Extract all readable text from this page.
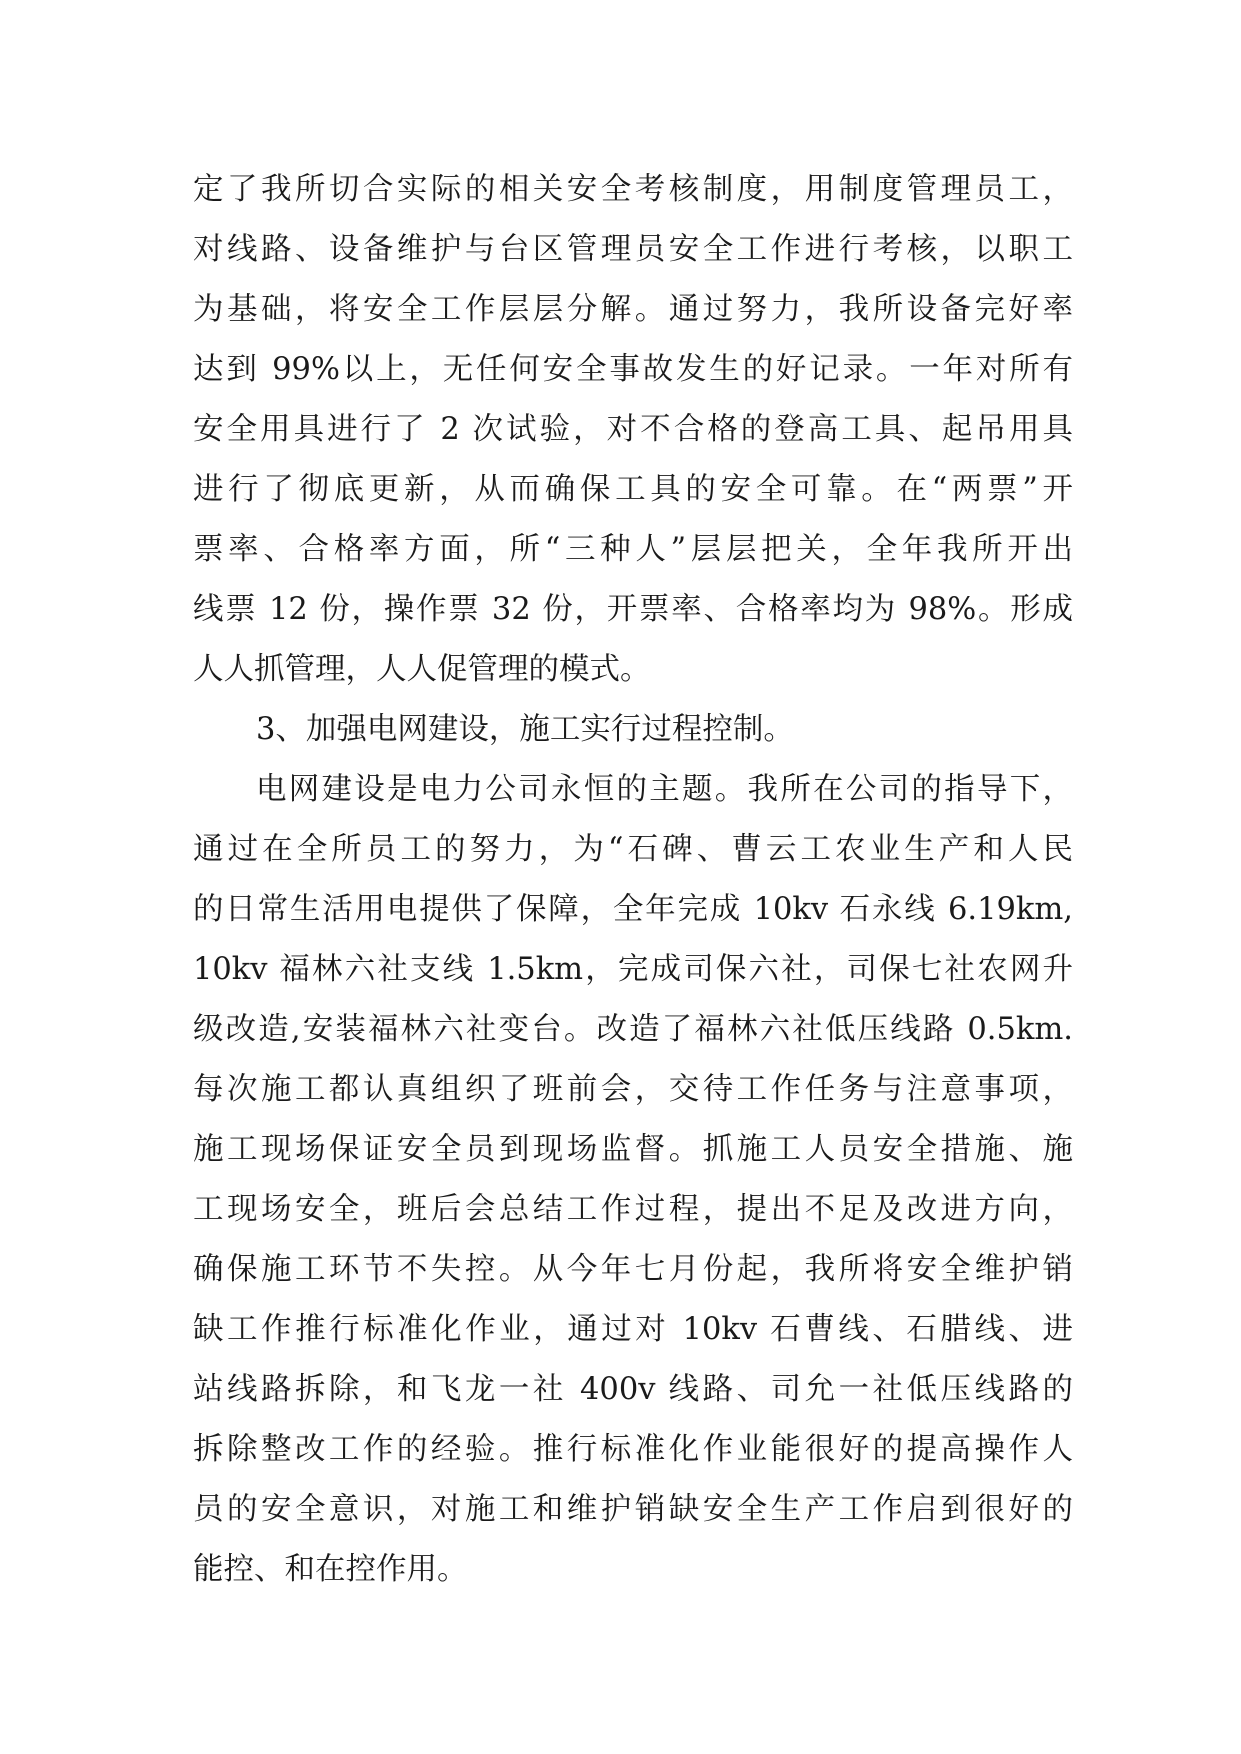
定了我所切合实际的相关安全考核制度，用制度管理员工，
对线路、设备维护与台区管理员安全工作进行考核，以职工
为基础，将安全工作层层分解。通过努力，我所设备完好率
达到 99%以上，无任何安全事故发生的好记录。一年对所有
安全用具进行了 2 次试验，对不合格的登高工具、起吊用具
进行了彻底更新，从而确保工具的安全可靠。在“两票”开
票率、合格率方面，所“三种人”层层把关，全年我所开出
线票 12 份，操作票 32 份，开票率、合格率均为 98%。形成
人人抓管理，人人促管理的模式。
3、加强电网建设，施工实行过程控制。
电网建设是电力公司永恒的主题。我所在公司的指导下，
通过在全所员工的努力，为“石碑、曹云工农业生产和人民
的日常生活用电提供了保障，全年完成 10kv 石永线 6.19km,
10kv 福林六社支线 1.5km，完成司保六社，司保七社农网升
级改造,安装福林六社变台。改造了福林六社低压线路 0.5km.
每次施工都认真组织了班前会，交待工作任务与注意事项，
施工现场保证安全员到现场监督。抓施工人员安全措施、施
工现场安全，班后会总结工作过程，提出不足及改进方向，
确保施工环节不失控。从今年七月份起，我所将安全维护销
缺工作推行标准化作业，通过对 10kv 石曹线、石腊线、进
站线路拆除，和飞龙一社 400v 线路、司允一社低压线路的
拆除整改工作的经验。推行标准化作业能很好的提高操作人
员的安全意识，对施工和维护销缺安全生产工作启到很好的
能控、和在控作用。
